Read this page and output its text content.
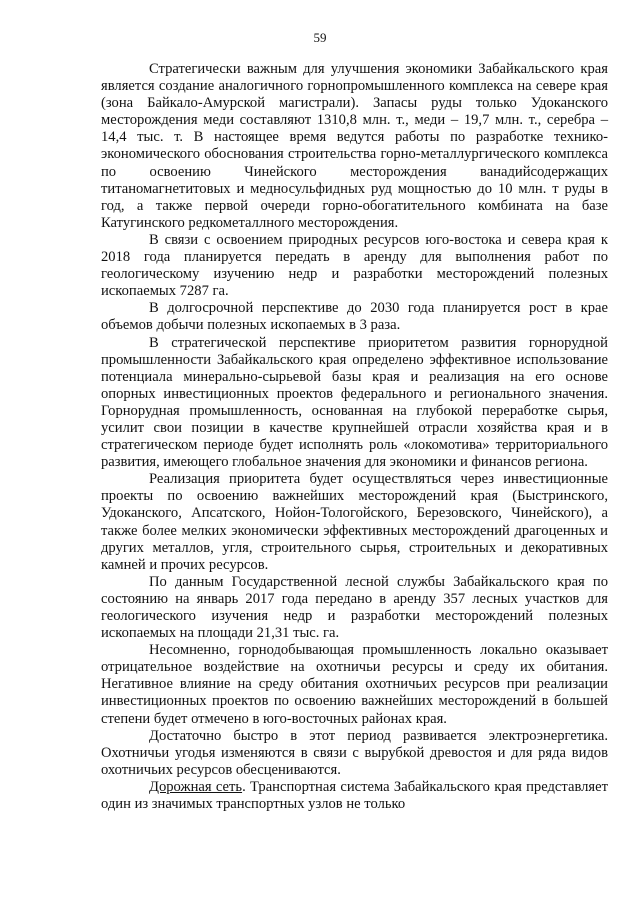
59

Стратегически важным для улучшения экономики Забайкальского края является создание аналогичного горнопромышленного комплекса на севере края (зона Байкало-Амурской магистрали). Запасы руды только Удоканского месторождения меди составляют 1310,8 млн. т., меди – 19,7 млн. т., серебра – 14,4 тыс. т. В настоящее время ведутся работы по разработке технико-экономического обоснования строительства горно-металлургического комплекса по освоению Чинейского месторождения ванадийсодержащих титаномагнетитовых и медносульфидных руд мощностью до 10 млн. т руды в год, а также первой очереди горно-обогатительного комбината на базе Катугинского редкометаллного месторождения.

В связи с освоением природных ресурсов юго-востока и севера края к 2018 года планируется передать в аренду для выполнения работ по геологическому изучению недр и разработки месторождений полезных ископаемых 7287 га.

В долгосрочной перспективе до 2030 года планируется рост в крае объемов добычи полезных ископаемых в 3 раза.

В стратегической перспективе приоритетом развития горнорудной промышленности Забайкальского края определено эффективное использование потенциала минерально-сырьевой базы края и реализация на его основе опорных инвестиционных проектов федерального и регионального значения. Горнорудная промышленность, основанная на глубокой переработке сырья, усилит свои позиции в качестве крупнейшей отрасли хозяйства края и в стратегическом периоде будет исполнять роль «локомотива» территориального развития, имеющего глобальное значения для экономики и финансов региона.

Реализация приоритета будет осуществляться через инвестиционные проекты по освоению важнейших месторождений края (Быстринского, Удоканского, Апсатского, Нойон-Тологойского, Березовского, Чинейского), а также более мелких экономически эффективных месторождений драгоценных и других металлов, угля, строительного сырья, строительных и декоративных камней и прочих ресурсов.

По данным Государственной лесной службы Забайкальского края по состоянию на январь 2017 года передано в аренду 357 лесных участков для геологического изучения недр и разработки месторождений полезных ископаемых на площади 21,31 тыс. га.

Несомненно, горнодобывающая промышленность локально оказывает отрицательное воздействие на охотничьи ресурсы и среду их обитания. Негативное влияние на среду обитания охотничьих ресурсов при реализации инвестиционных проектов по освоению важнейших месторождений в большей степени будет отмечено в юго-восточных районах края.

Достаточно быстро в этот период развивается электроэнергетика. Охотничьи угодья изменяются в связи с вырубкой древостоя и для ряда видов охотничьих ресурсов обесцениваются.

Дорожная сеть. Транспортная система Забайкальского края представляет один из значимых транспортных узлов не только
